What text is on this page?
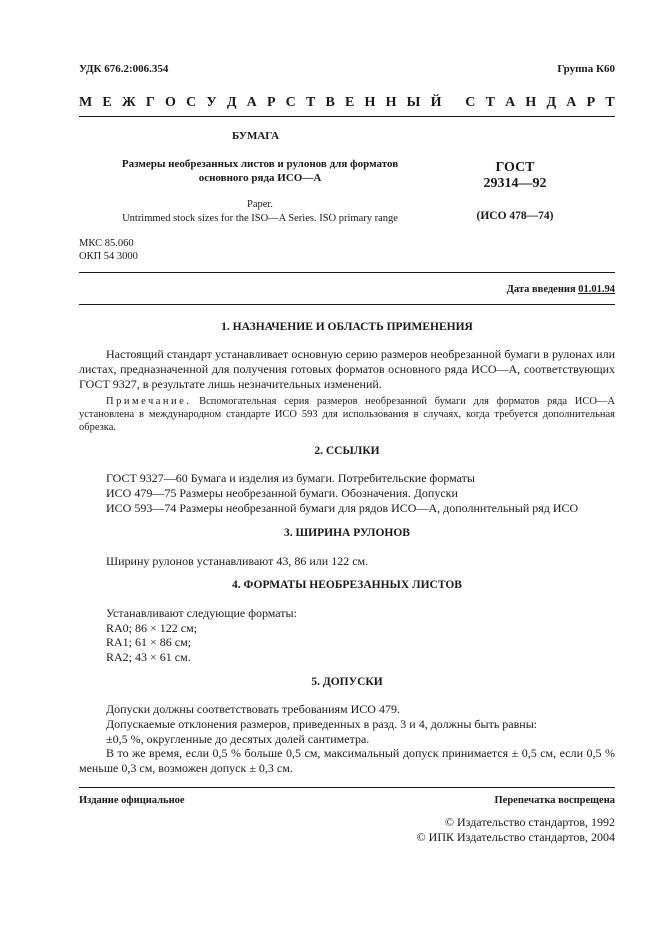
УДК 676.2:006.354	Группа К60
М Е Ж Г О С У Д А Р С Т В Е Н Н Ы Й
С Т А Н Д А Р Т
БУМАГА
Размеры необрезанных листов и рулонов для форматов
основного ряда ИСО—А
ГОСТ
29314—92
Paper.
Untrimmed stock sizes for the ISO—A Series. ISO primary range	(ИСО 478—74)
МКС 85.060
ОКП 54 3000
Дата введения 01.01.94
1. НАЗНАЧЕНИЕ И ОБЛАСТЬ ПРИМЕНЕНИЯ
Настоящий стандарт устанавливает основную серию размеров необрезанной бумаги в рулонах или листах, предназначенной для получения готовых форматов основного ряда ИСО—А, соответствующих ГОСТ 9327, в результате лишь незначительных изменений.
Примечание. Вспомогательная серия размеров необрезанной бумаги для форматов ряда ИСО—А установлена в международном стандарте ИСО 593 для использования в случаях, когда требуется дополнительная обрезка.
2. ССЫЛКИ
ГОСТ 9327—60 Бумага и изделия из бумаги. Потребительские форматы
ИСО 479—75 Размеры необрезанной бумаги. Обозначения. Допуски
ИСО 593—74 Размеры необрезанной бумаги для рядов ИСО—А, дополнительный ряд ИСО
3. ШИРИНА РУЛОНОВ
Ширину рулонов устанавливают 43, 86 или 122 см.
4. ФОРМАТЫ НЕОБРЕЗАННЫХ ЛИСТОВ
Устанавливают следующие форматы:
RA0; 86 × 122 см;
RA1; 61 × 86 см;
RA2; 43 × 61 см.
5. ДОПУСКИ
Допуски должны соответствовать требованиям ИСО 479.
Допускаемые отклонения размеров, приведенных в разд. 3 и 4, должны быть равны:
±0,5 %, округленные до десятых долей сантиметра.
В то же время, если 0,5 % больше 0,5 см, максимальный допуск принимается ± 0,5 см, если 0,5 % меньше 0,3 см, возможен допуск ± 0,3 см.
Издание официальное	Перепечатка воспрещена
© Издательство стандартов, 1992
© ИПК Издательство стандартов, 2004
